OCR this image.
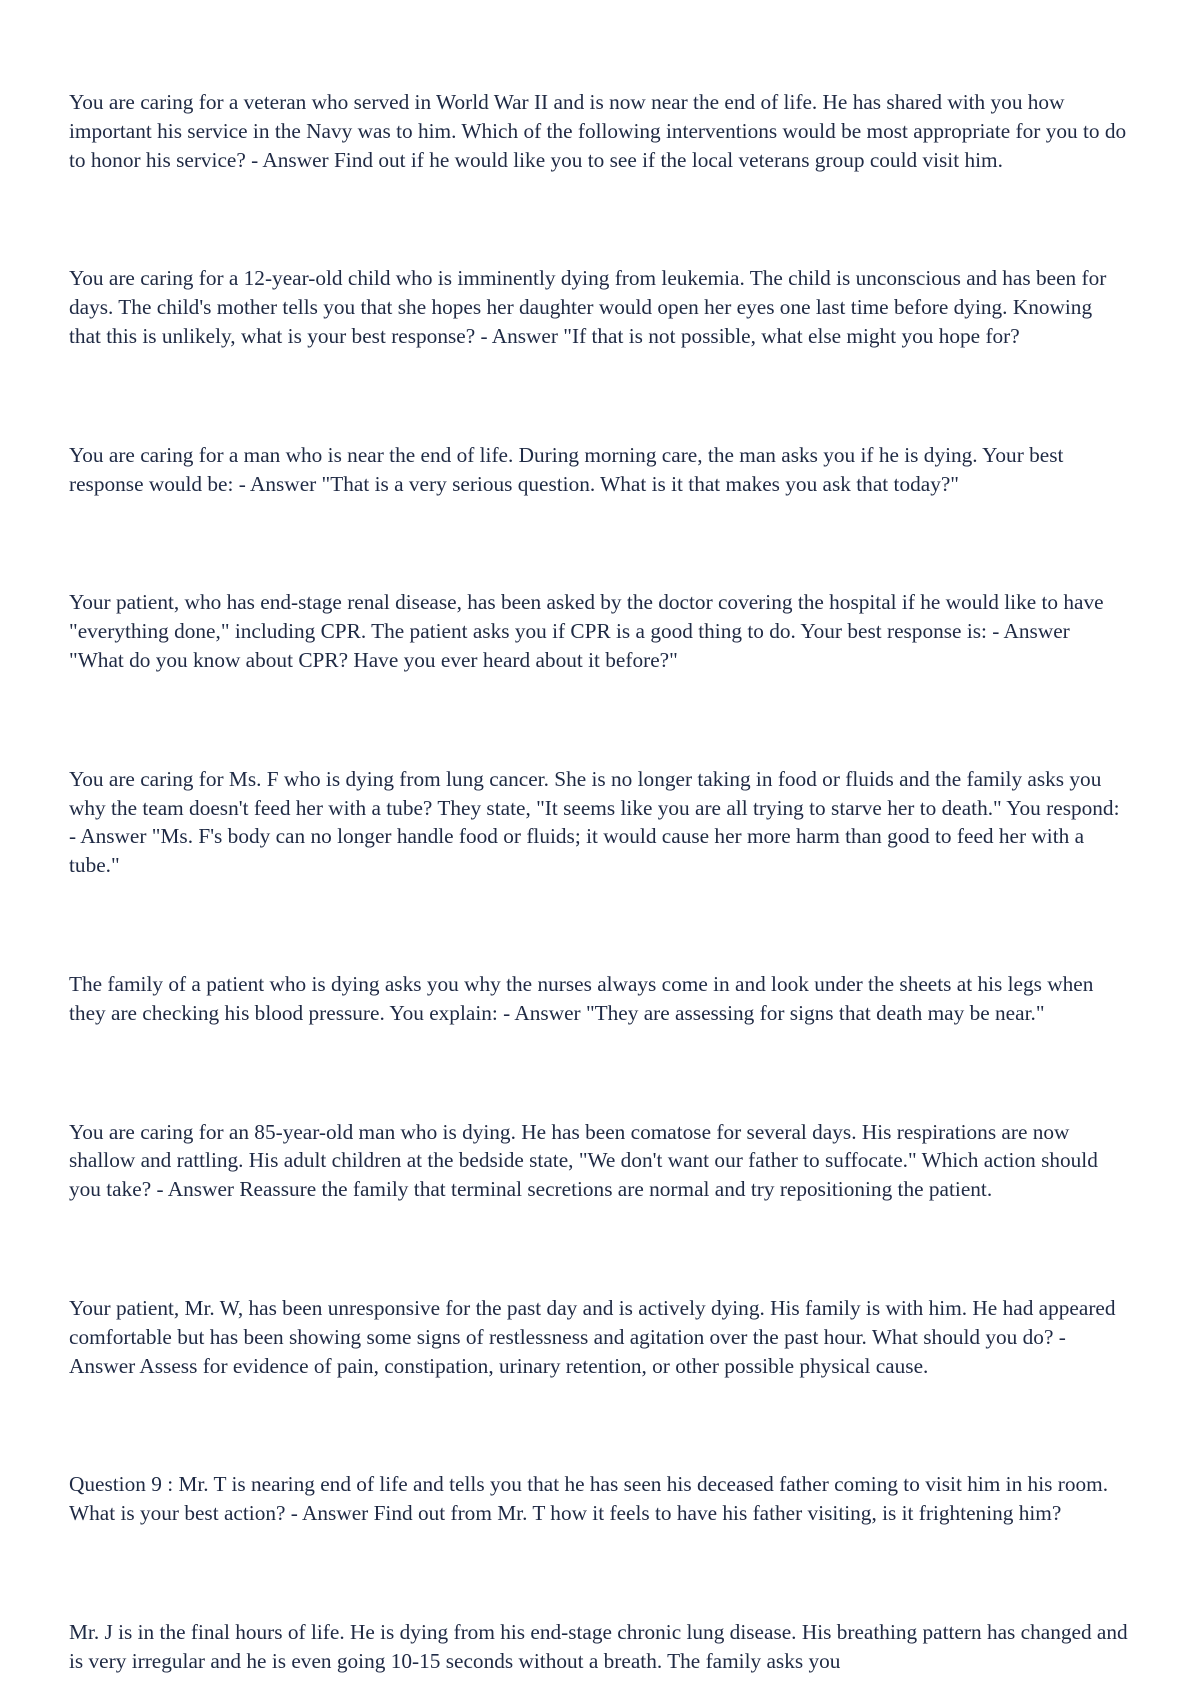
You are caring for a veteran who served in World War II and is now near the end of life. He has shared with you how important his service in the Navy was to him. Which of the following interventions would be most appropriate for you to do to honor his service? - Answer Find out if he would like you to see if the local veterans group could visit him.

You are caring for a 12-year-old child who is imminently dying from leukemia. The child is unconscious and has been for days. The child's mother tells you that she hopes her daughter would open her eyes one last time before dying. Knowing that this is unlikely, what is your best response? - Answer "If that is not possible, what else might you hope for?

You are caring for a man who is near the end of life. During morning care, the man asks you if he is dying. Your best response would be: - Answer "That is a very serious question. What is it that makes you ask that today?"

Your patient, who has end-stage renal disease, has been asked by the doctor covering the hospital if he would like to have "everything done," including CPR. The patient asks you if CPR is a good thing to do. Your best response is: - Answer "What do you know about CPR? Have you ever heard about it before?"

You are caring for Ms. F who is dying from lung cancer. She is no longer taking in food or fluids and the family asks you why the team doesn't feed her with a tube? They state, "It seems like you are all trying to starve her to death." You respond: - Answer "Ms. F's body can no longer handle food or fluids; it would cause her more harm than good to feed her with a tube."

The family of a patient who is dying asks you why the nurses always come in and look under the sheets at his legs when they are checking his blood pressure. You explain: - Answer "They are assessing for signs that death may be near."

You are caring for an 85-year-old man who is dying. He has been comatose for several days. His respirations are now shallow and rattling. His adult children at the bedside state, "We don't want our father to suffocate." Which action should you take? - Answer Reassure the family that terminal secretions are normal and try repositioning the patient.

Your patient, Mr. W, has been unresponsive for the past day and is actively dying. His family is with him. He had appeared comfortable but has been showing some signs of restlessness and agitation over the past hour. What should you do? - Answer Assess for evidence of pain, constipation, urinary retention, or other possible physical cause.

Question 9 : Mr. T is nearing end of life and tells you that he has seen his deceased father coming to visit him in his room. What is your best action? - Answer Find out from Mr. T how it feels to have his father visiting, is it frightening him?

Mr. J is in the final hours of life. He is dying from his end-stage chronic lung disease. His breathing pattern has changed and is very irregular and he is even going 10-15 seconds without a breath. The family asks you
